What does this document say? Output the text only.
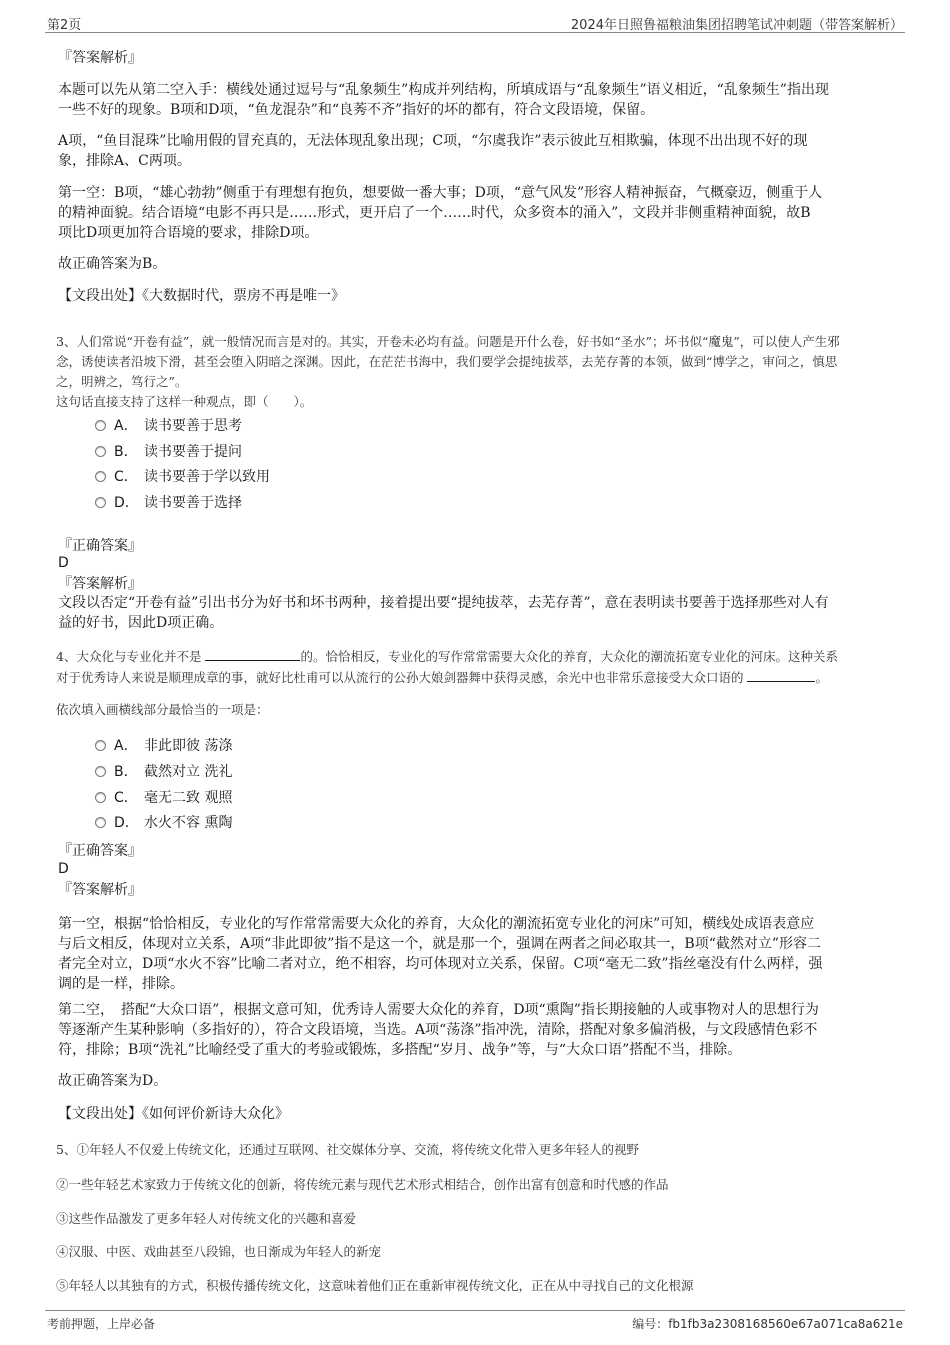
第2页	2024年日照鲁福粮油集团招聘笔试冲刺题（带答案解析）
『答案解析』
本题可以先从第二空入手：横线处通过逗号与“乱象频生”构成并列结构，所填成语与“乱象频生”语义相近，“乱象频生”指出现
一些不好的现象。B项和D项，“鱼龙混杂”和“良莠不齐”指好的坏的都有，符合文段语境，保留。
A项，“鱼目混珠”比喻用假的冒充真的，无法体现乱象出现；C项，“尔虞我诈”表示彼此互相欺骗，体现不出出现不好的现
象，排除A、C两项。
第一空：B项，“雄心勃勃”侧重于有理想有抱负，想要做一番大事；D项，“意气风发”形容人精神振奋，气概豪迈，侧重于人
的精神面貌。结合语境“电影不再只是……形式，更开启了一个……时代，众多资本的涌入”，文段并非侧重精神面貌，故B
项比D项更加符合语境的要求，排除D项。
故正确答案为B。
【文段出处】《大数据时代，票房不再是唯一》
3、人们常说“开卷有益”，就一般情况而言是对的。其实，开卷未必均有益。问题是开什么卷，好书如“圣水”；坏书似“魔鬼”，可以使人产生邪
念，诱使读者沿坡下滑，甚至会堕入阴暗之深渊。因此，在茫茫书海中，我们要学会提纯拔萃，去芜存菁的本领，做到“博学之，审问之，慎思
之，明辨之，笃行之”。
这句话直接支持了这样一种观点，即（　　）。
A． 读书要善于思考
B． 读书要善于提问
C． 读书要善于学以致用
D． 读书要善于选择
『正确答案』
D
『答案解析』
文段以否定“开卷有益”引出书分为好书和坏书两种，接着提出要“提纯拔萃，去芜存菁”，意在表明读书要善于选择那些对人有
益的好书，因此D项正确。
4、大众化与专业化并不是	的。恰恰相反，专业化的写作常常需要大众化的养育，大众化的潮流拓宽专业化的河床。这种关系
对于优秀诗人来说是顺理成章的事，就好比杜甫可以从流行的公孙大娘剑器舞中获得灵感，余光中也非常乐意接受大众口语的	。
依次填入画横线部分最恰当的一项是：
A． 非此即彼 荡涤
B． 截然对立 洗礼
C． 毫无二致 观照
D． 水火不容 熏陶
『正确答案』
D
『答案解析』
第一空，根据“恰恰相反，专业化的写作常常需要大众化的养育，大众化的潮流拓宽专业化的河床”可知，横线处成语表意应
与后文相反，体现对立关系，A项“非此即彼”指不是这一个，就是那一个，强调在两者之间必取其一，B项“截然对立”形容二
者完全对立，D项“水火不容”比喻二者对立，绝不相容，均可体现对立关系，保留。C项“毫无二致”指丝毫没有什么两样，强
调的是一样，排除。
第二空，　搭配“大众口语”，根据文意可知，优秀诗人需要大众化的养育，D项“熏陶”指长期接触的人或事物对人的思想行为
等逐渐产生某种影响（多指好的），符合文段语境，当选。A项“荡涤”指冲洗，清除，搭配对象多偏消极，与文段感情色彩不
符，排除；B项“洗礼”比喻经受了重大的考验或锻炼，多搭配“岁月、战争”等，与“大众口语”搭配不当，排除。
故正确答案为D。
【文段出处】《如何评价新诗大众化》
5、①年轻人不仅爱上传统文化，还通过互联网、社交媒体分享、交流，将传统文化带入更多年轻人的视野
②一些年轻艺术家致力于传统文化的创新，将传统元素与现代艺术形式相结合，创作出富有创意和时代感的作品
③这些作品激发了更多年轻人对传统文化的兴趣和喜爱
④汉服、中医、戏曲甚至八段锦，也日渐成为年轻人的新宠
⑤年轻人以其独有的方式，积极传播传统文化，这意味着他们正在重新审视传统文化，正在从中寻找自己的文化根源
考前押题，上岸必备	编号：fb1fb3a2308168560e67a071ca8a621e
